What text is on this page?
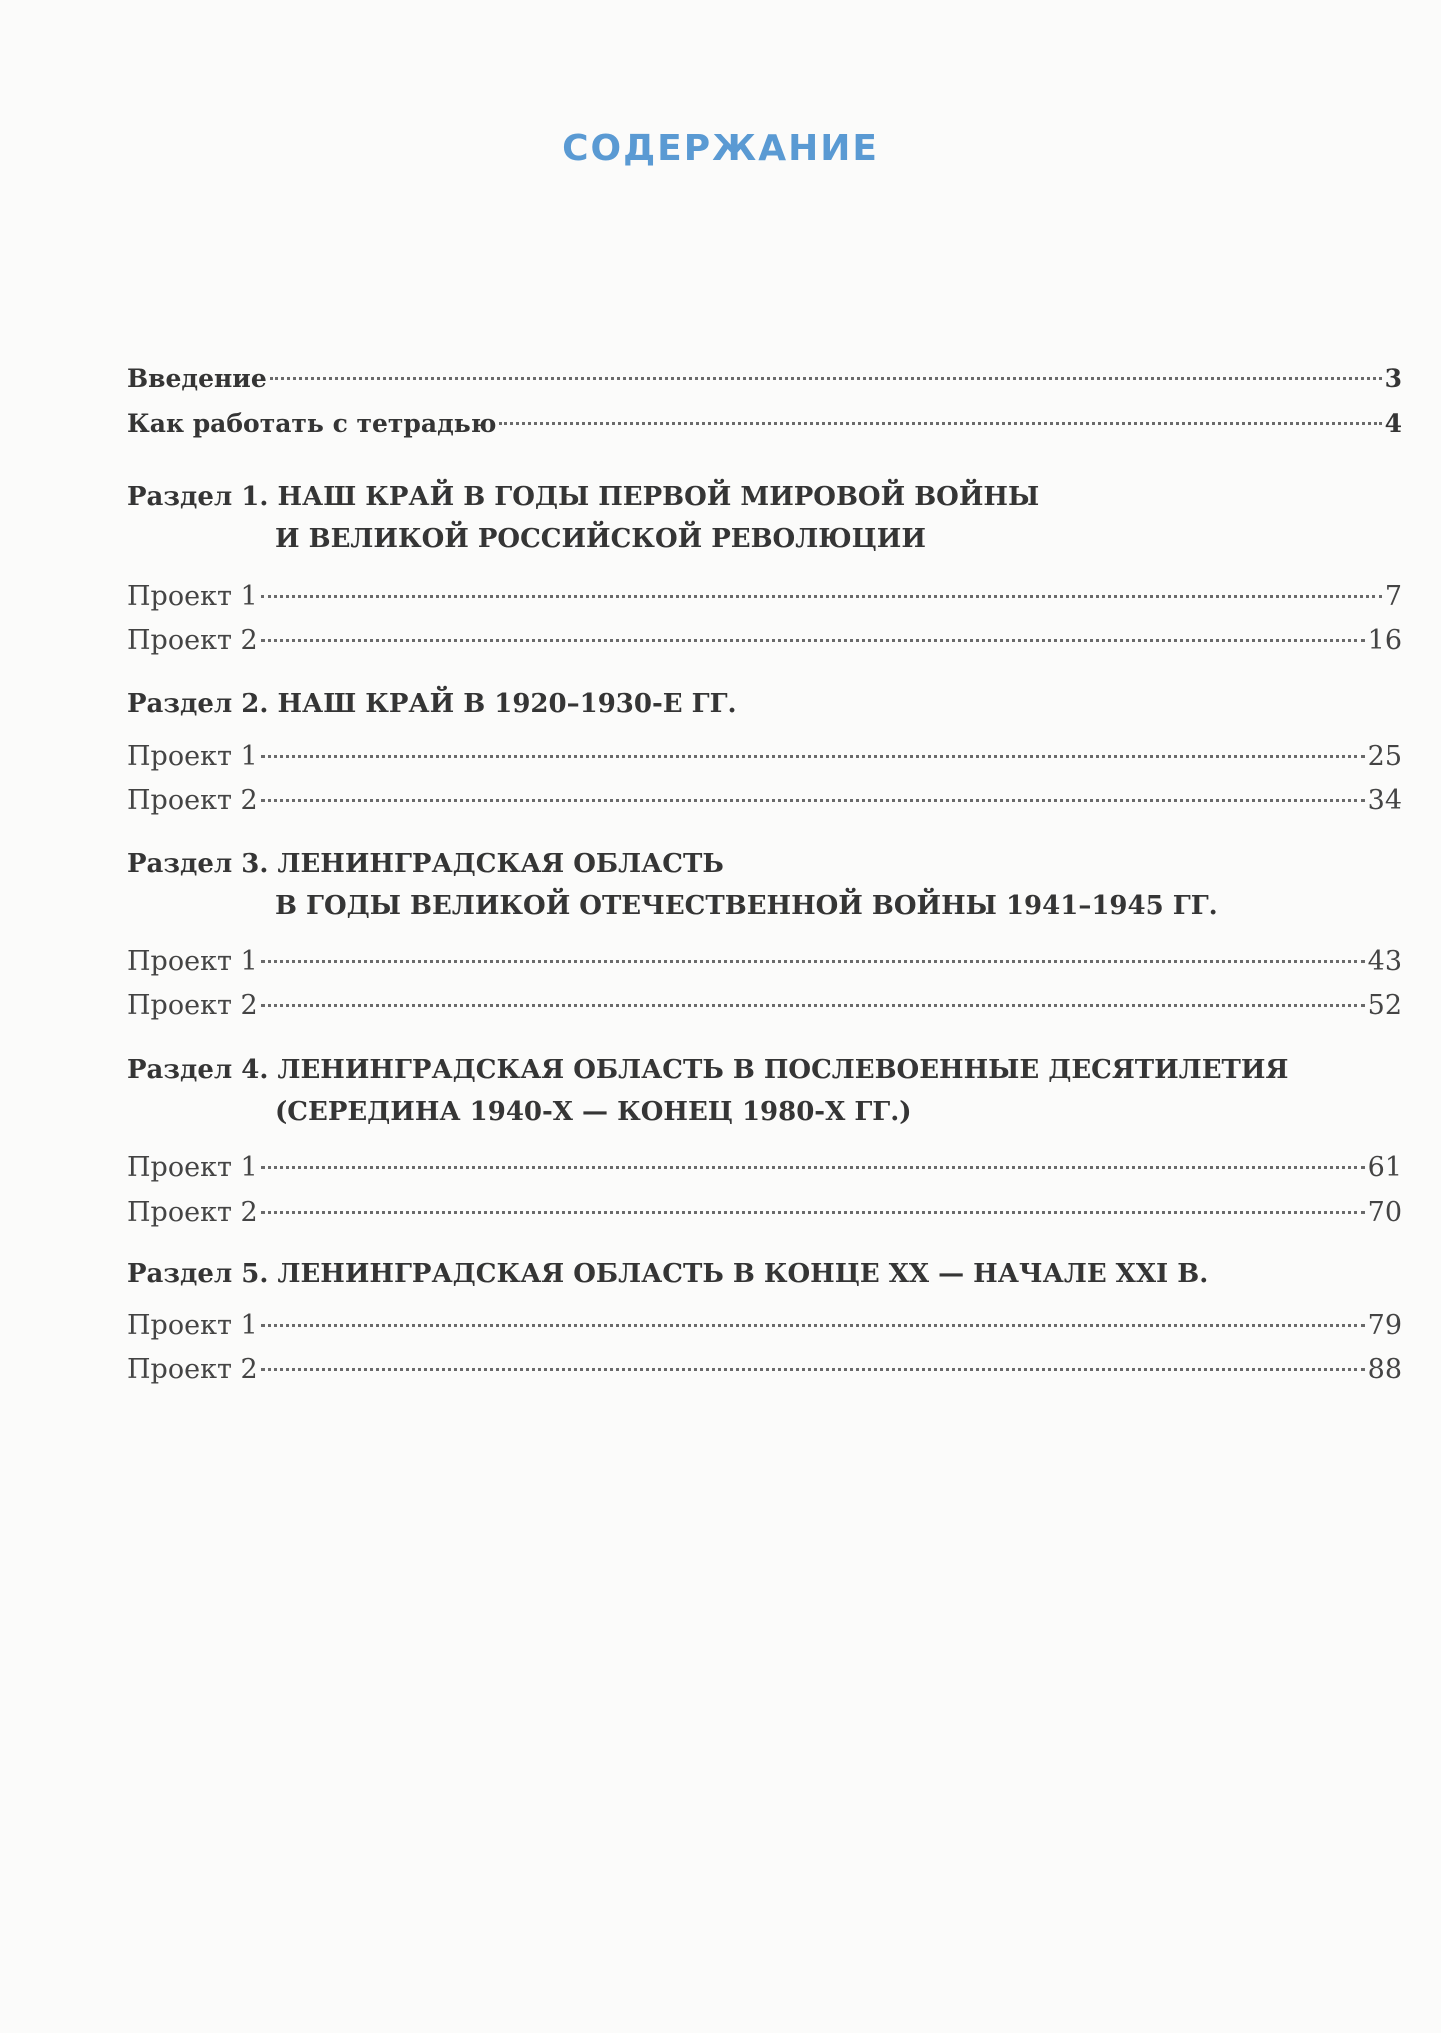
СОДЕРЖАНИЕ
Введение	3
Как работать с тетрадью	4
Раздел 1. НАШ КРАЙ В ГОДЫ ПЕРВОЙ МИРОВОЙ ВОЙНЫ
И ВЕЛИКОЙ РОССИЙСКОЙ РЕВОЛЮЦИИ
Проект 1	7
Проект 2	16
Раздел 2. НАШ КРАЙ В 1920–1930-Е ГГ.
Проект 1	25
Проект 2	34
Раздел 3. ЛЕНИНГРАДСКАЯ ОБЛАСТЬ
В ГОДЫ ВЕЛИКОЙ ОТЕЧЕСТВЕННОЙ ВОЙНЫ 1941–1945 ГГ.
Проект 1	43
Проект 2	52
Раздел 4. ЛЕНИНГРАДСКАЯ ОБЛАСТЬ В ПОСЛЕВОЕННЫЕ ДЕСЯТИЛЕТИЯ
(СЕРЕДИНА 1940-Х — КОНЕЦ 1980-Х ГГ.)
Проект 1	61
Проект 2	70
Раздел 5. ЛЕНИНГРАДСКАЯ ОБЛАСТЬ В КОНЦЕ XX — НАЧАЛЕ XXI В.
Проект 1	79
Проект 2	88
